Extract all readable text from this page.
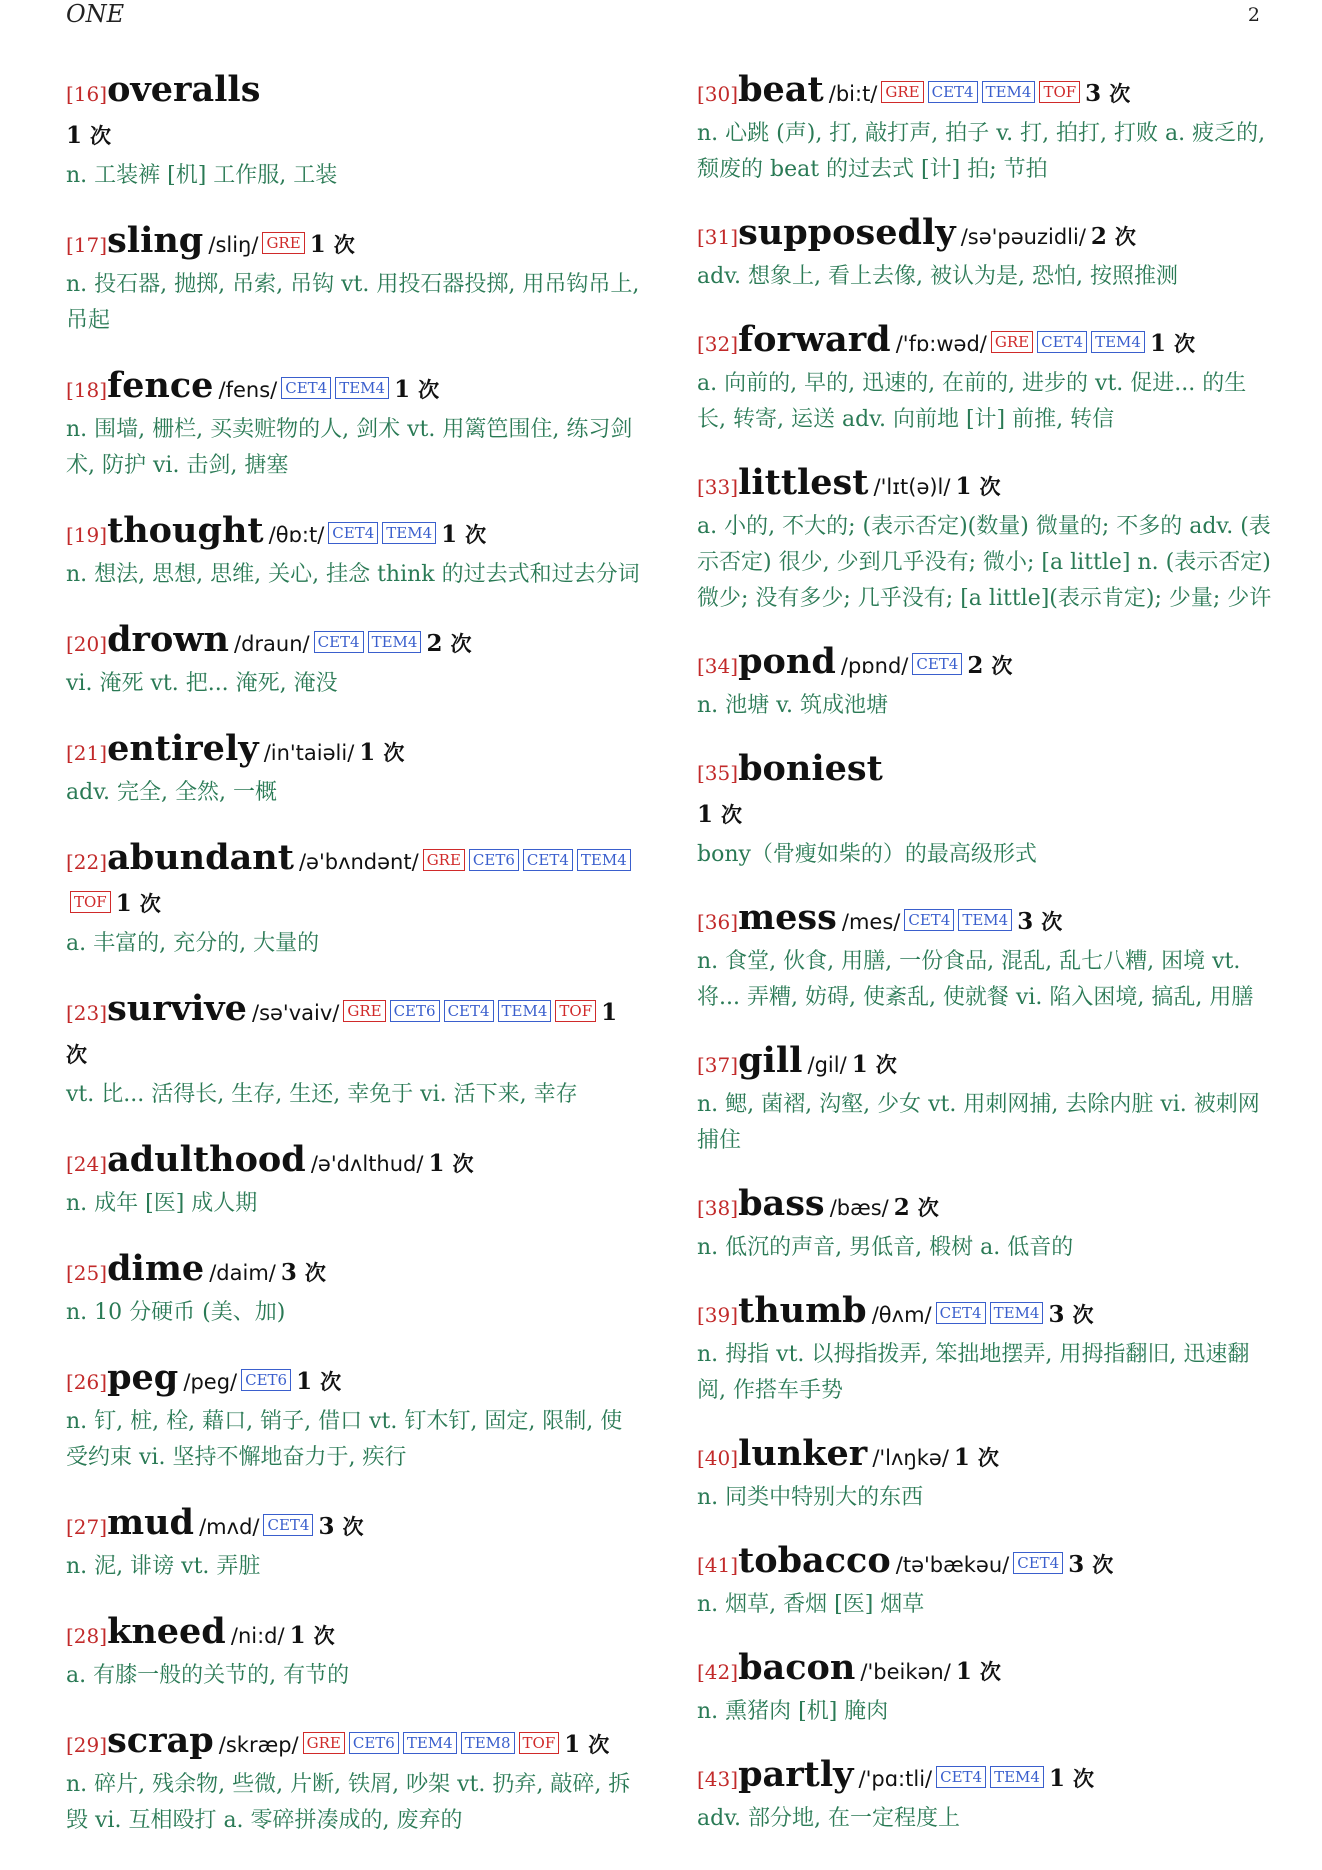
ONE	2
[16]overalls
1 次
n. 工装裤 [机] 工作服, 工装
[17]sling /sliŋ/ GRE 1 次
n. 投石器, 抛掷, 吊索, 吊钩 vt. 用投石器投掷, 用吊钩吊上, 吊起
[18]fence /fens/ CET4 TEM4 1 次
n. 围墙, 栅栏, 买卖赃物的人, 剑术 vt. 用篱笆围住, 练习剑术, 防护 vi. 击剑, 搪塞
[19]thought /θɒ:t/ CET4 TEM4 1 次
n. 想法, 思想, 思维, 关心, 挂念 think 的过去式和过去分词
[20]drown /draun/ CET4 TEM4 2 次
vi. 淹死 vt. 把... 淹死, 淹没
[21]entirely /in'taiəli/ 1 次
adv. 完全, 全然, 一概
[22]abundant /ə'bʌndənt/ GRE CET6 CET4 TEM4TOF 1 次
a. 丰富的, 充分的, 大量的
[23]survive /sə'vaiv/ GRE CET6 CET4 TEM4 TOF 1 次
vt. 比... 活得长, 生存, 生还, 幸免于 vi. 活下来, 幸存
[24]adulthood /ə'dʌlthud/ 1 次
n. 成年 [医] 成人期
[25]dime /daim/ 3 次
n. 10 分硬币 (美、加)
[26]peg /peg/ CET6 1 次
n. 钉, 桩, 栓, 藉口, 销子, 借口 vt. 钉木钉, 固定, 限制, 使受约束 vi. 坚持不懈地奋力于, 疾行
[27]mud /mʌd/ CET4 3 次
n. 泥, 诽谤 vt. 弄脏
[28]kneed /ni:d/ 1 次
a. 有膝一般的关节的, 有节的
[29]scrap /skræp/ GRE CET6 TEM4 TEM8 TOF 1 次
n. 碎片, 残余物, 些微, 片断, 铁屑, 吵架 vt. 扔弃, 敲碎, 拆毁 vi. 互相殴打 a. 零碎拼凑成的, 废弃的
[30]beat /bi:t/ GRE CET4 TEM4 TOF 3 次
n. 心跳 (声), 打, 敲打声, 拍子 v. 打, 拍打, 打败 a. 疲乏的, 颓废的 beat 的过去式 [计] 拍; 节拍
[31]supposedly /sə'pəuzidli/ 2 次
adv. 想象上, 看上去像, 被认为是, 恐怕, 按照推测
[32]forward /'fɒ:wəd/ GRE CET4 TEM4 1 次
a. 向前的, 早的, 迅速的, 在前的, 进步的 vt. 促进... 的生长, 转寄, 运送 adv. 向前地 [计] 前推, 转信
[33]littlest /'lɪt(ə)l/ 1 次
a. 小的, 不大的; (表示否定)(数量) 微量的; 不多的 adv. (表示否定) 很少, 少到几乎没有; 微小; [a little] n. (表示否定) 微少; 没有多少; 几乎没有; [a little](表示肯定); 少量; 少许
[34]pond /pɒnd/ CET4 2 次
n. 池塘 v. 筑成池塘
[35]boniest
1 次
bony（骨瘦如柴的）的最高级形式
[36]mess /mes/ CET4 TEM4 3 次
n. 食堂, 伙食, 用膳, 一份食品, 混乱, 乱七八糟, 困境 vt. 将... 弄糟, 妨碍, 使紊乱, 使就餐 vi. 陷入困境, 搞乱, 用膳
[37]gill /gil/ 1 次
n. 鳃, 菌褶, 沟壑, 少女 vt. 用刺网捕, 去除内脏 vi. 被刺网捕住
[38]bass /bæs/ 2 次
n. 低沉的声音, 男低音, 椴树 a. 低音的
[39]thumb /θʌm/ CET4 TEM4 3 次
n. 拇指 vt. 以拇指拨弄, 笨拙地摆弄, 用拇指翻旧, 迅速翻阅, 作搭车手势
[40]lunker /'lʌŋkə/ 1 次
n. 同类中特别大的东西
[41]tobacco /tə'bækəu/ CET4 3 次
n. 烟草, 香烟 [医] 烟草
[42]bacon /'beikən/ 1 次
n. 熏猪肉 [机] 腌肉
[43]partly /'pɑ:tli/ CET4 TEM4 1 次
adv. 部分地, 在一定程度上
